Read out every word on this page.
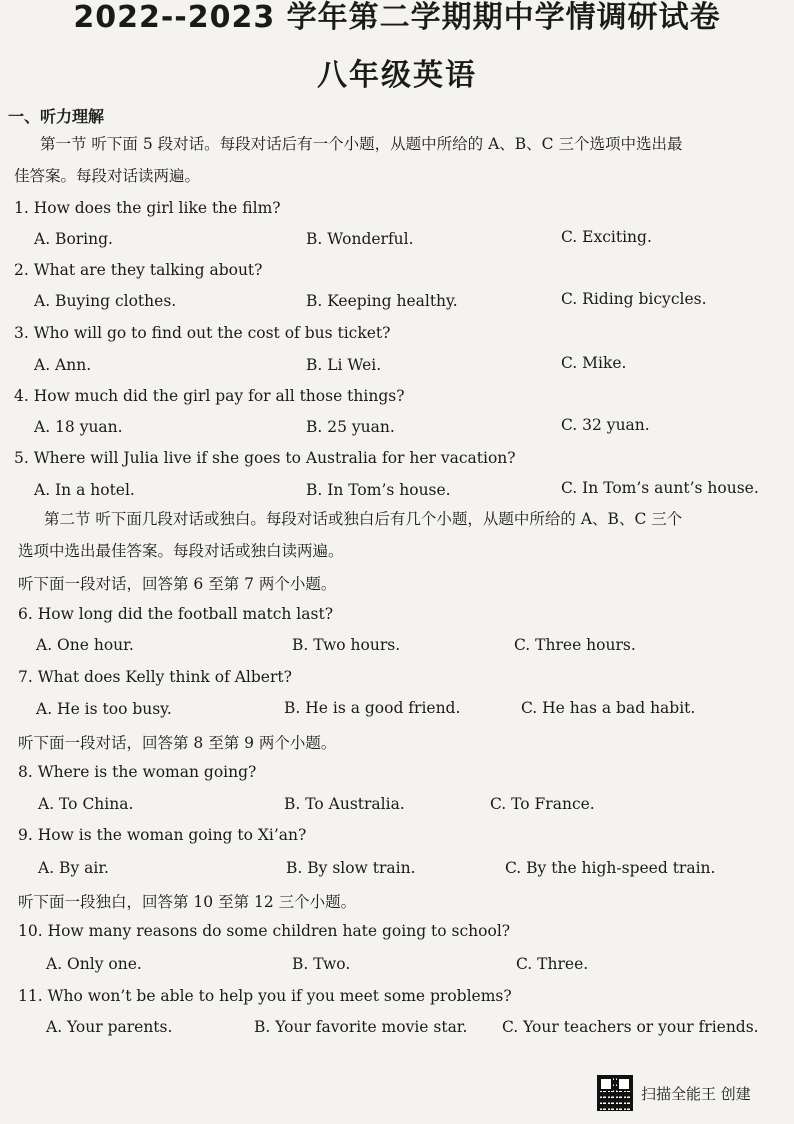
2022--2023 学年第二学期期中学情调研试卷
八年级英语
一、听力理解
第一节 听下面 5 段对话。每段对话后有一个小题，从题中所给的 A、B、C 三个选项中选出最
佳答案。每段对话读两遍。
1. How does the girl like the film?
A. Boring.	B. Wonderful.	C. Exciting.
2. What are they talking about?
A. Buying clothes.	B. Keeping healthy.	C. Riding bicycles.
3. Who will go to find out the cost of bus ticket?
A. Ann.	B. Li Wei.	C. Mike.
4. How much did the girl pay for all those things?
A. 18 yuan.	B. 25 yuan.	C. 32 yuan.
5. Where will Julia live if she goes to Australia for her vacation?
A. In a hotel.	B. In Tom’s house.	C. In Tom’s aunt’s house.
第二节 听下面几段对话或独白。每段对话或独白后有几个小题，从题中所给的 A、B、C 三个
选项中选出最佳答案。每段对话或独白读两遍。
听下面一段对话，回答第 6 至第 7 两个小题。
6. How long did the football match last?
A. One hour.	B. Two hours.	C. Three hours.
7. What does Kelly think of Albert?
A. He is too busy.	B. He is a good friend.	C. He has a bad habit.
听下面一段对话，回答第 8 至第 9 两个小题。
8. Where is the woman going?
A. To China.	B. To Australia.	C. To France.
9. How is the woman going to Xi’an?
A. By air.	B. By slow train.	C. By the high-speed train.
听下面一段独白，回答第 10 至第 12 三个小题。
10. How many reasons do some children hate going to school?
A. Only one.	B. Two.	C. Three.
11. Who won’t be able to help you if you meet some problems?
A. Your parents.	B. Your favorite movie star. C. Your teachers or your friends.
扫描全能王 创建
